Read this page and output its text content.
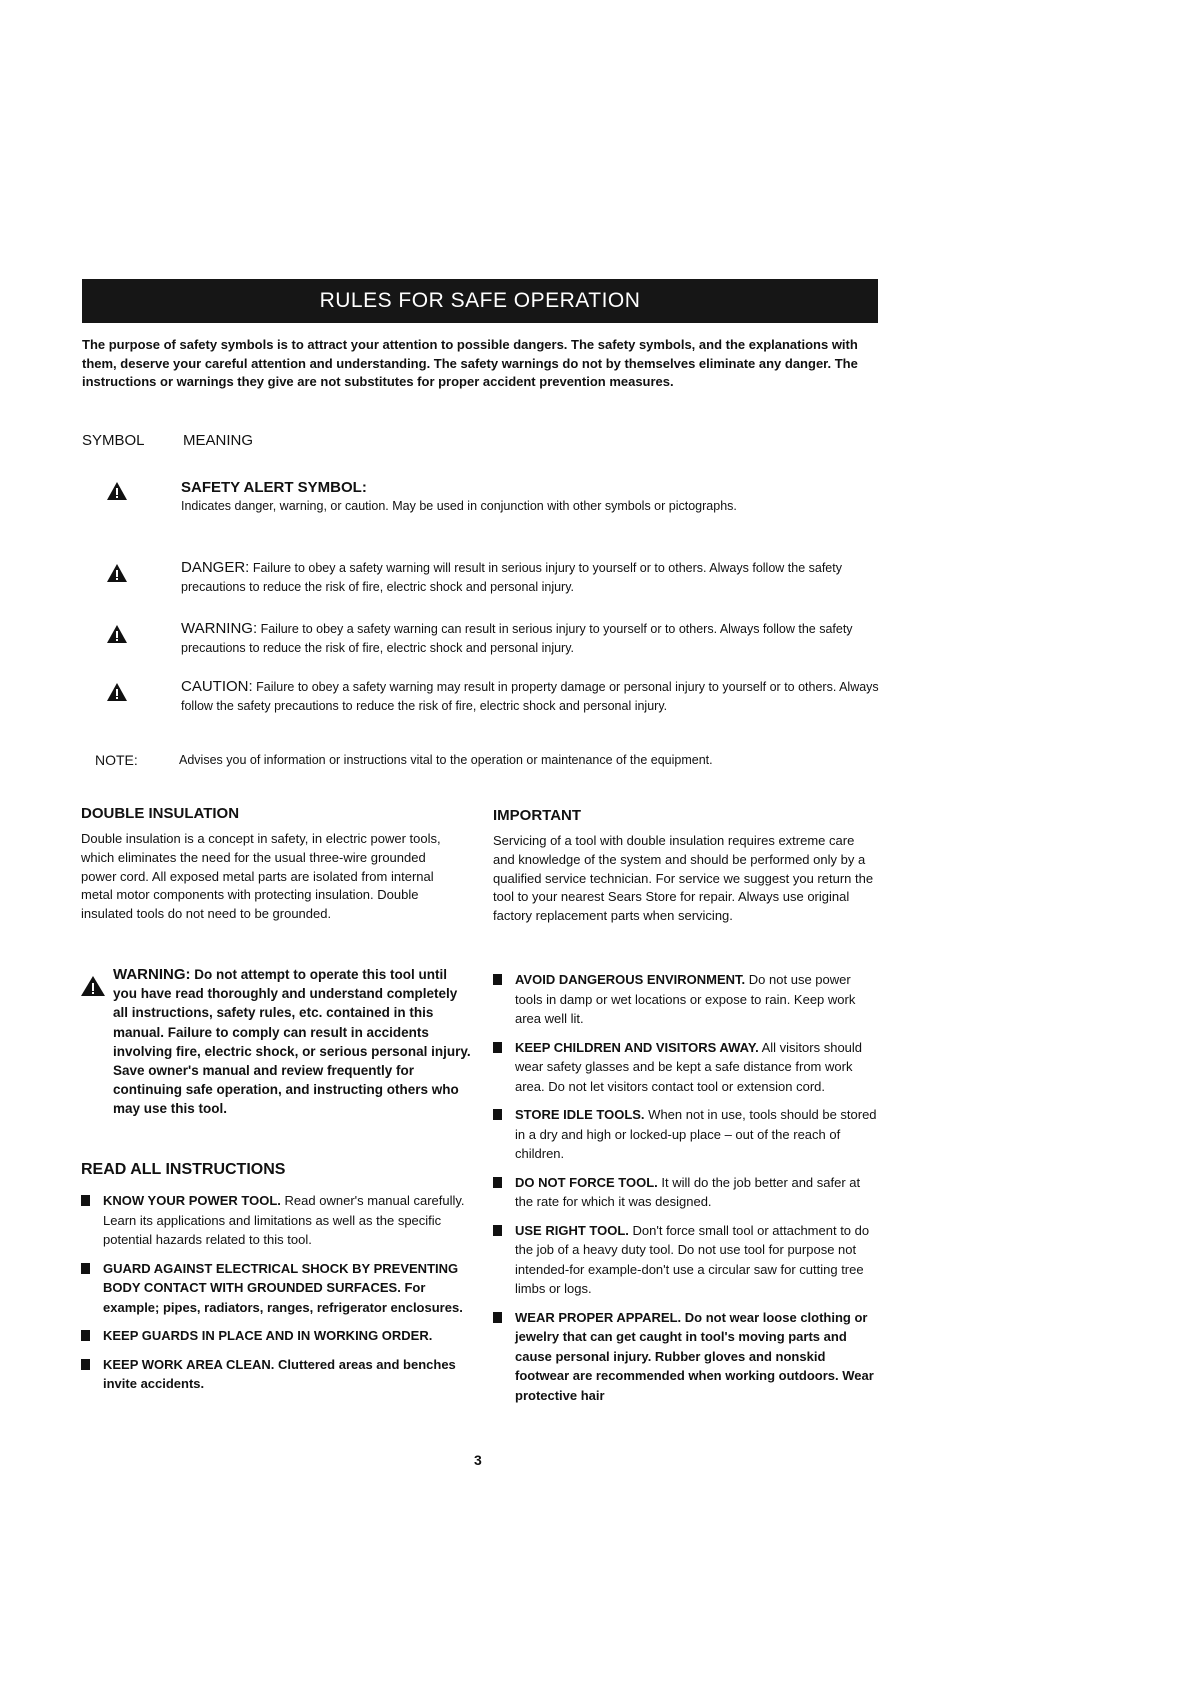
RULES FOR SAFE OPERATION
The purpose of safety symbols is to attract your attention to possible dangers. The safety symbols, and the explanations with them, deserve your careful attention and understanding. The safety warnings do not by themselves eliminate any danger. The instructions or warnings they give are not substitutes for proper accident prevention measures.
SYMBOL	MEANING
SAFETY ALERT SYMBOL:
Indicates danger, warning, or caution. May be used in conjunction with other symbols or pictographs.
DANGER: Failure to obey a safety warning will result in serious injury to yourself or to others. Always follow the safety precautions to reduce the risk of fire, electric shock and personal injury.
WARNING: Failure to obey a safety warning can result in serious injury to yourself or to others. Always follow the safety precautions to reduce the risk of fire, electric shock and personal injury.
CAUTION: Failure to obey a safety warning may result in property damage or personal injury to yourself or to others. Always follow the safety precautions to reduce the risk of fire, electric shock and personal injury.
NOTE:	Advises you of information or instructions vital to the operation or maintenance of the equipment.
DOUBLE INSULATION
Double insulation is a concept in safety, in electric power tools, which eliminates the need for the usual three-wire grounded power cord. All exposed metal parts are isolated from internal metal motor components with protecting insulation. Double insulated tools do not need to be grounded.
IMPORTANT
Servicing of a tool with double insulation requires extreme care and knowledge of the system and should be performed only by a qualified service technician. For service we suggest you return the tool to your nearest Sears Store for repair. Always use original factory replacement parts when servicing.
WARNING: Do not attempt to operate this tool until you have read thoroughly and understand completely all instructions, safety rules, etc. contained in this manual. Failure to comply can result in accidents involving fire, electric shock, or serious personal injury. Save owner's manual and review frequently for continuing safe operation, and instructing others who may use this tool.
READ ALL INSTRUCTIONS
KNOW YOUR POWER TOOL. Read owner's manual carefully. Learn its applications and limitations as well as the specific potential hazards related to this tool.
GUARD AGAINST ELECTRICAL SHOCK BY PREVENTING BODY CONTACT WITH GROUNDED SURFACES. For example; pipes, radiators, ranges, refrigerator enclosures.
KEEP GUARDS IN PLACE AND IN WORKING ORDER.
KEEP WORK AREA CLEAN. Cluttered areas and benches invite accidents.
AVOID DANGEROUS ENVIRONMENT. Do not use power tools in damp or wet locations or expose to rain. Keep work area well lit.
KEEP CHILDREN AND VISITORS AWAY. All visitors should wear safety glasses and be kept a safe distance from work area. Do not let visitors contact tool or extension cord.
STORE IDLE TOOLS. When not in use, tools should be stored in a dry and high or locked-up place – out of the reach of children.
DO NOT FORCE TOOL. It will do the job better and safer at the rate for which it was designed.
USE RIGHT TOOL. Don't force small tool or attachment to do the job of a heavy duty tool. Do not use tool for purpose not intended-for example-don't use a circular saw for cutting tree limbs or logs.
WEAR PROPER APPAREL. Do not wear loose clothing or jewelry that can get caught in tool's moving parts and cause personal injury. Rubber gloves and nonskid footwear are recommended when working outdoors. Wear protective hair
3
